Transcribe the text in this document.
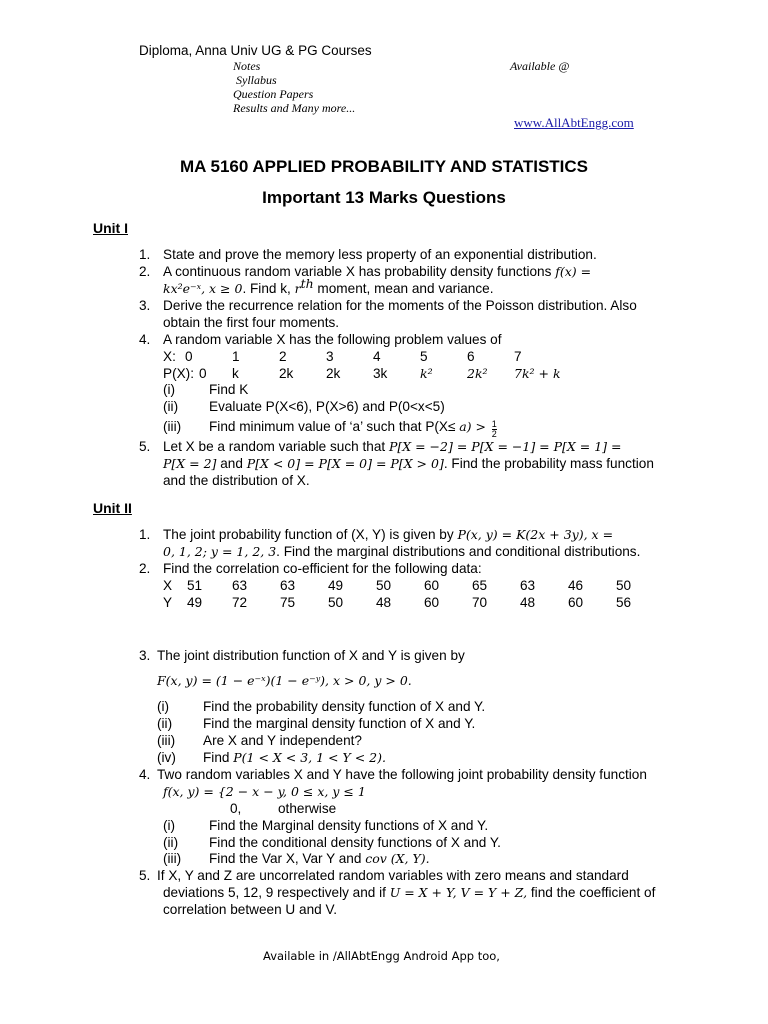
Diploma, Anna Univ UG & PG Courses
Notes
Syllabus
Question Papers
Results and Many more...
Available @
www.AllAbtEngg.com
MA 5160 APPLIED PROBABILITY AND STATISTICS
Important 13 Marks Questions
Unit I
1. State and prove the memory less property of an exponential distribution.
2. A continuous random variable X has probability density functions f(x) =
kx²e⁻ˣ, x ≥ 0. Find k, $r^{th}$ moment, mean and variance.
3. Derive the recurrence relation for the moments of the Poisson distribution. Also
obtain the first four moments.
4. A random variable X has the following problem values of
X: 0	1	2	3	4	5	6	7
P(X): 0	k	2k	2k	3k	k²	2k²	7k² + k
(i) Find K
(ii) Evaluate P(X<6), P(X>6) and P(0<x<5)
(iii) Find minimum value of ‘a’ such that $P(X\le a) > \frac{1}{2}$
5. Let X be a random variable such that P[X = −2] = P[X = −1] = P[X = 1] =
P[X = 2] and P[X < 0] = P[X = 0] = P[X > 0]. Find the probability mass function
and the distribution of X.
Unit II
1. The joint probability function of (X, Y) is given by P(x, y) = K(2x + 3y), x =
0, 1, 2; y = 1, 2, 3. Find the marginal distributions and conditional distributions.
2. Find the correlation co-efficient for the following data:
X	51	63	63	49	50	60	65	63	46	50
Y	49	72	75	50	48	60	70	48	60	56
3. The joint distribution function of X and Y is given by
F(x, y) = (1 − e⁻ˣ)(1 − e⁻ʸ), x > 0, y > 0.
(i) Find the probability density function of X and Y.
(ii) Find the marginal density function of X and Y.
(iii) Are X and Y independent?
(iv) Find P(1 < X < 3, 1 < Y < 2).
4. Two random variables X and Y have the following joint probability density function
f(x, y) = {2 − x − y, 0 ≤ x, y ≤ 1
0,	otherwise
(i) Find the Marginal density functions of X and Y.
(ii) Find the conditional density functions of X and Y.
(iii) Find the Var X, Var Y and cov (X, Y).
5. If X, Y and Z are uncorrelated random variables with zero means and standard
deviations 5, 12, 9 respectively and if U = X + Y, V = Y + Z, find the coefficient of
correlation between U and V.
Available in /AllAbtEngg Android App too,
